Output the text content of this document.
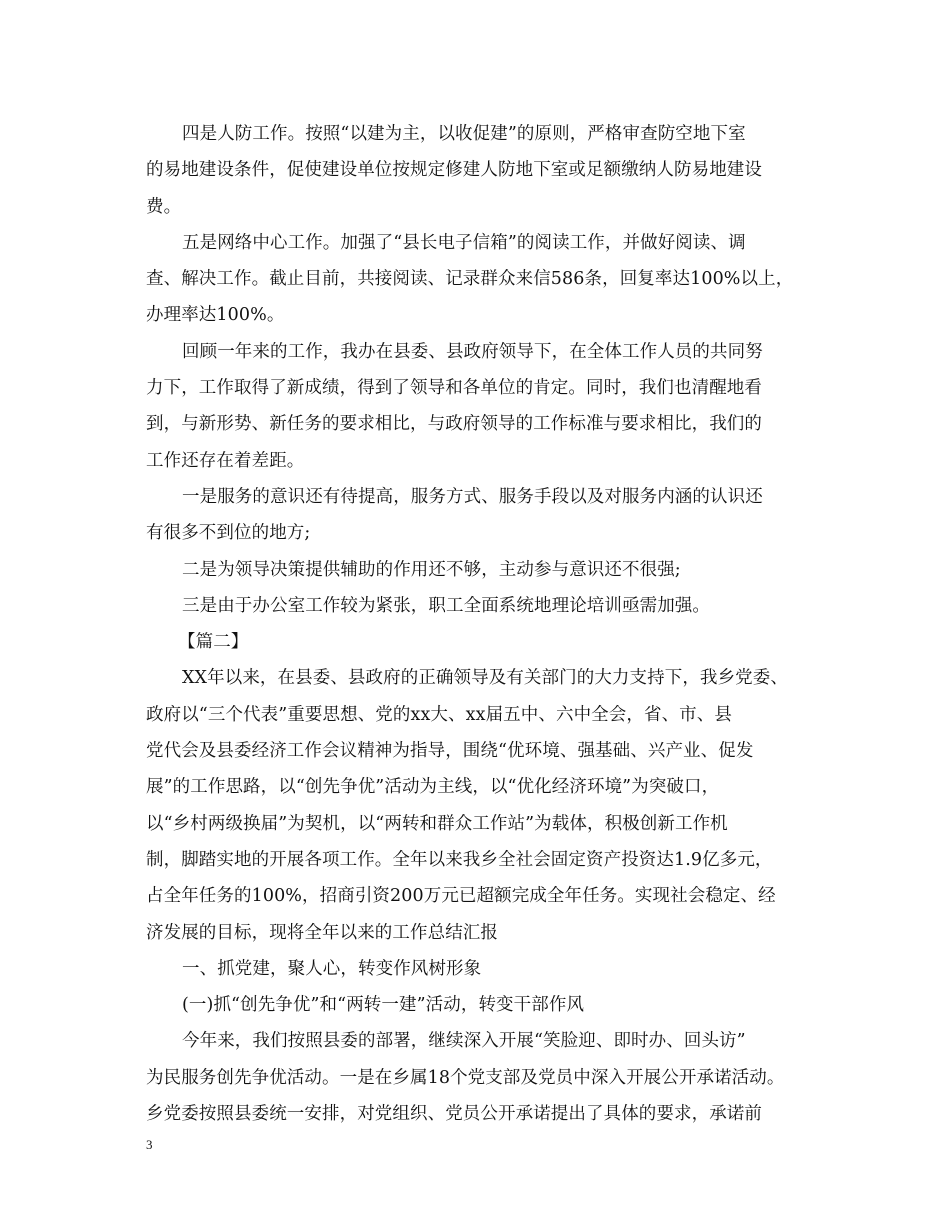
四是人防工作。按照“以建为主，以收促建”的原则，严格审查防空地下室
的易地建设条件，促使建设单位按规定修建人防地下室或足额缴纳人防易地建设
费。
五是网络中心工作。加强了“县长电子信箱”的阅读工作，并做好阅读、调
查、解决工作。截止目前，共接阅读、记录群众来信586条，回复率达100%以上，
办理率达100%。
回顾一年来的工作，我办在县委、县政府领导下，在全体工作人员的共同努
力下，工作取得了新成绩，得到了领导和各单位的肯定。同时，我们也清醒地看
到，与新形势、新任务的要求相比，与政府领导的工作标准与要求相比，我们的
工作还存在着差距。
一是服务的意识还有待提高，服务方式、服务手段以及对服务内涵的认识还
有很多不到位的地方;
二是为领导决策提供辅助的作用还不够，主动参与意识还不很强;
三是由于办公室工作较为紧张，职工全面系统地理论培训亟需加强。
【篇二】
XX年以来，在县委、县政府的正确领导及有关部门的大力支持下，我乡党委、
政府以“三个代表”重要思想、党的xx大、xx届五中、六中全会，省、市、县
党代会及县委经济工作会议精神为指导，围绕“优环境、强基础、兴产业、促发
展”的工作思路，以“创先争优”活动为主线，以“优化经济环境”为突破口，
以“乡村两级换届”为契机，以“两转和群众工作站”为载体，积极创新工作机
制，脚踏实地的开展各项工作。全年以来我乡全社会固定资产投资达1.9亿多元，
占全年任务的100%，招商引资200万元已超额完成全年任务。实现社会稳定、经
济发展的目标，现将全年以来的工作总结汇报
一、抓党建，聚人心，转变作风树形象
(一)抓“创先争优”和“两转一建”活动，转变干部作风
今年来，我们按照县委的部署，继续深入开展“笑脸迎、即时办、回头访”
为民服务创先争优活动。一是在乡属18个党支部及党员中深入开展公开承诺活动。
乡党委按照县委统一安排，对党组织、党员公开承诺提出了具体的要求，承诺前
3
